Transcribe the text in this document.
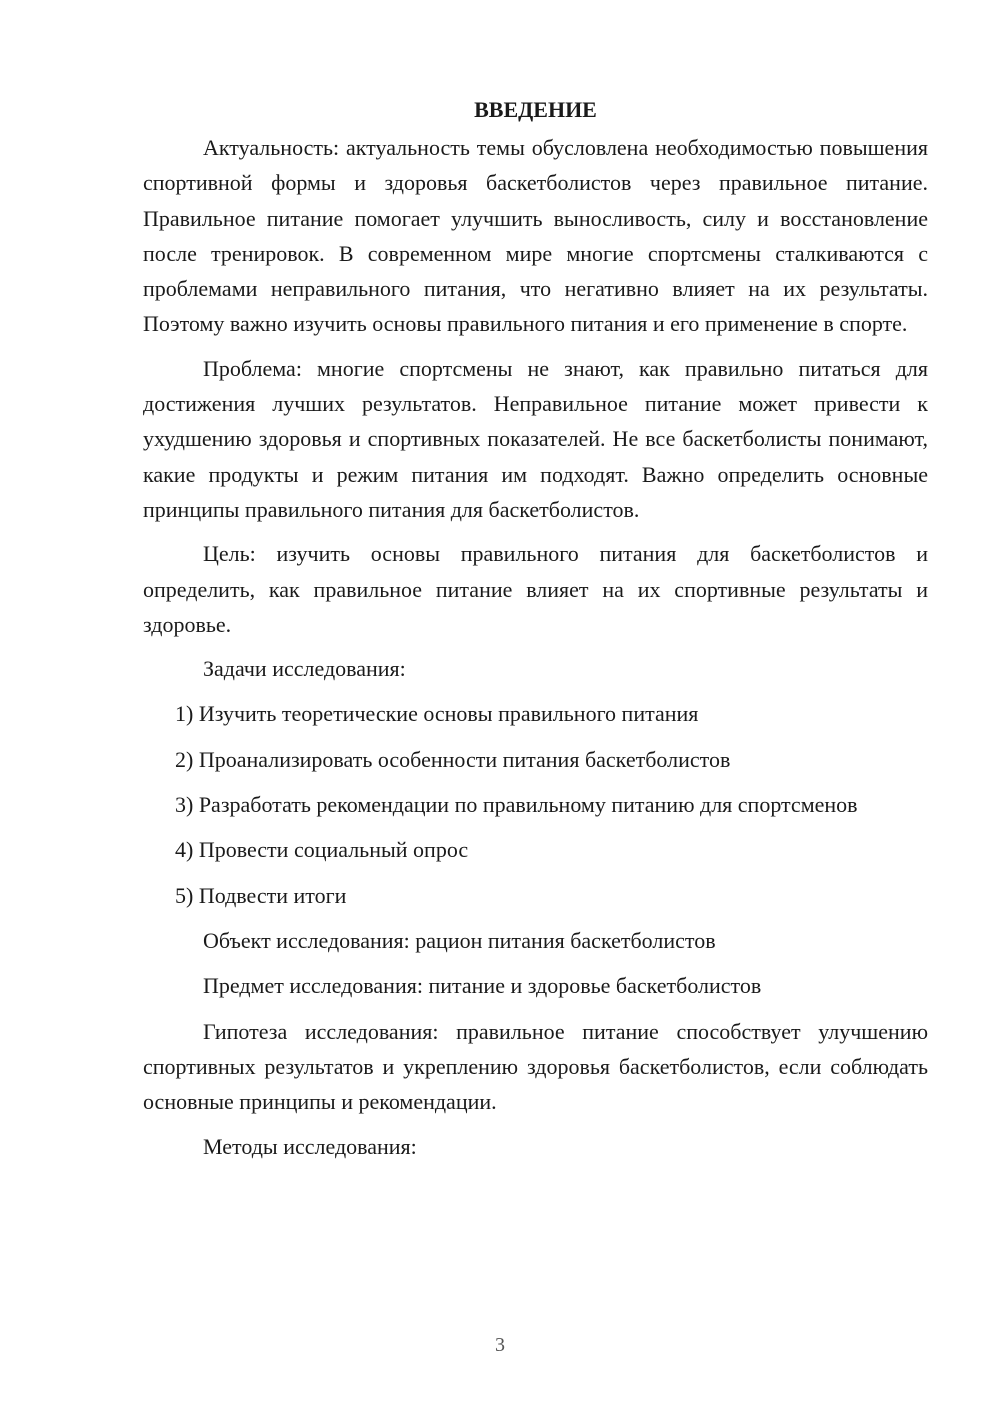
ВВЕДЕНИЕ

Актуальность: актуальность темы обусловлена необходимостью повышения спортивной формы и здоровья баскетболистов через правильное питание. Правильное питание помогает улучшить выносливость, силу и восстановление после тренировок. В современном мире многие спортсмены сталкиваются с проблемами неправильного питания, что негативно влияет на их результаты. Поэтому важно изучить основы правильного питания и его применение в спорте.

Проблема: многие спортсмены не знают, как правильно питаться для достижения лучших результатов. Неправильное питание может привести к ухудшению здоровья и спортивных показателей. Не все баскетболисты понимают, какие продукты и режим питания им подходят. Важно определить основные принципы правильного питания для баскетболистов.

Цель: изучить основы правильного питания для баскетболистов и определить, как правильное питание влияет на их спортивные результаты и здоровье.

Задачи исследования:

1) Изучить теоретические основы правильного питания

2) Проанализировать особенности питания баскетболистов

3) Разработать рекомендации по правильному питанию для спортсменов

4) Провести социальный опрос

5) Подвести итоги

Объект исследования: рацион питания баскетболистов

Предмет исследования: питание и здоровье баскетболистов

Гипотеза исследования: правильное питание способствует улучшению спортивных результатов и укреплению здоровья баскетболистов, если соблюдать основные принципы и рекомендации.

Методы исследования:

3
